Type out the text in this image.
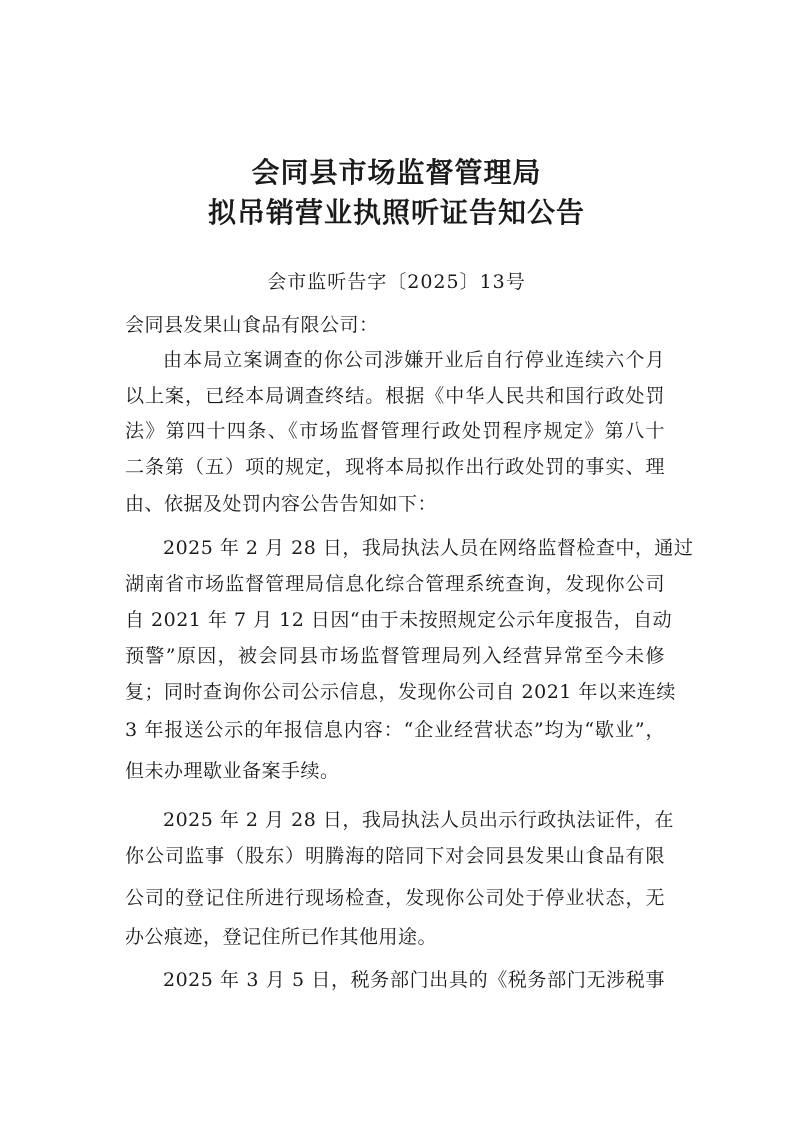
会同县市场监督管理局
拟吊销营业执照听证告知公告
会市监听告字〔2025〕13号
会同县发果山食品有限公司：
由本局立案调查的你公司涉嫌开业后自行停业连续六个月
以上案，已经本局调查终结。根据《中华人民共和国行政处罚
法》第四十四条、《市场监督管理行政处罚程序规定》第八十
二条第（五）项的规定，现将本局拟作出行政处罚的事实、理
由、依据及处罚内容公告告知如下：
2025 年 2 月 28 日，我局执法人员在网络监督检查中，通过
湖南省市场监督管理局信息化综合管理系统查询，发现你公司
自 2021 年 7 月 12 日因“由于未按照规定公示年度报告，自动
预警”原因，被会同县市场监督管理局列入经营异常至今未修
复；同时查询你公司公示信息，发现你公司自 2021 年以来连续
3 年报送公示的年报信息内容：“企业经营状态”均为“歇业”，
但未办理歇业备案手续。
2025 年 2 月 28 日，我局执法人员出示行政执法证件，在
你公司监事（股东）明腾海的陪同下对会同县发果山食品有限
公司的登记住所进行现场检查，发现你公司处于停业状态，无
办公痕迹，登记住所已作其他用途。
2025 年 3 月 5 日，税务部门出具的《税务部门无涉税事
